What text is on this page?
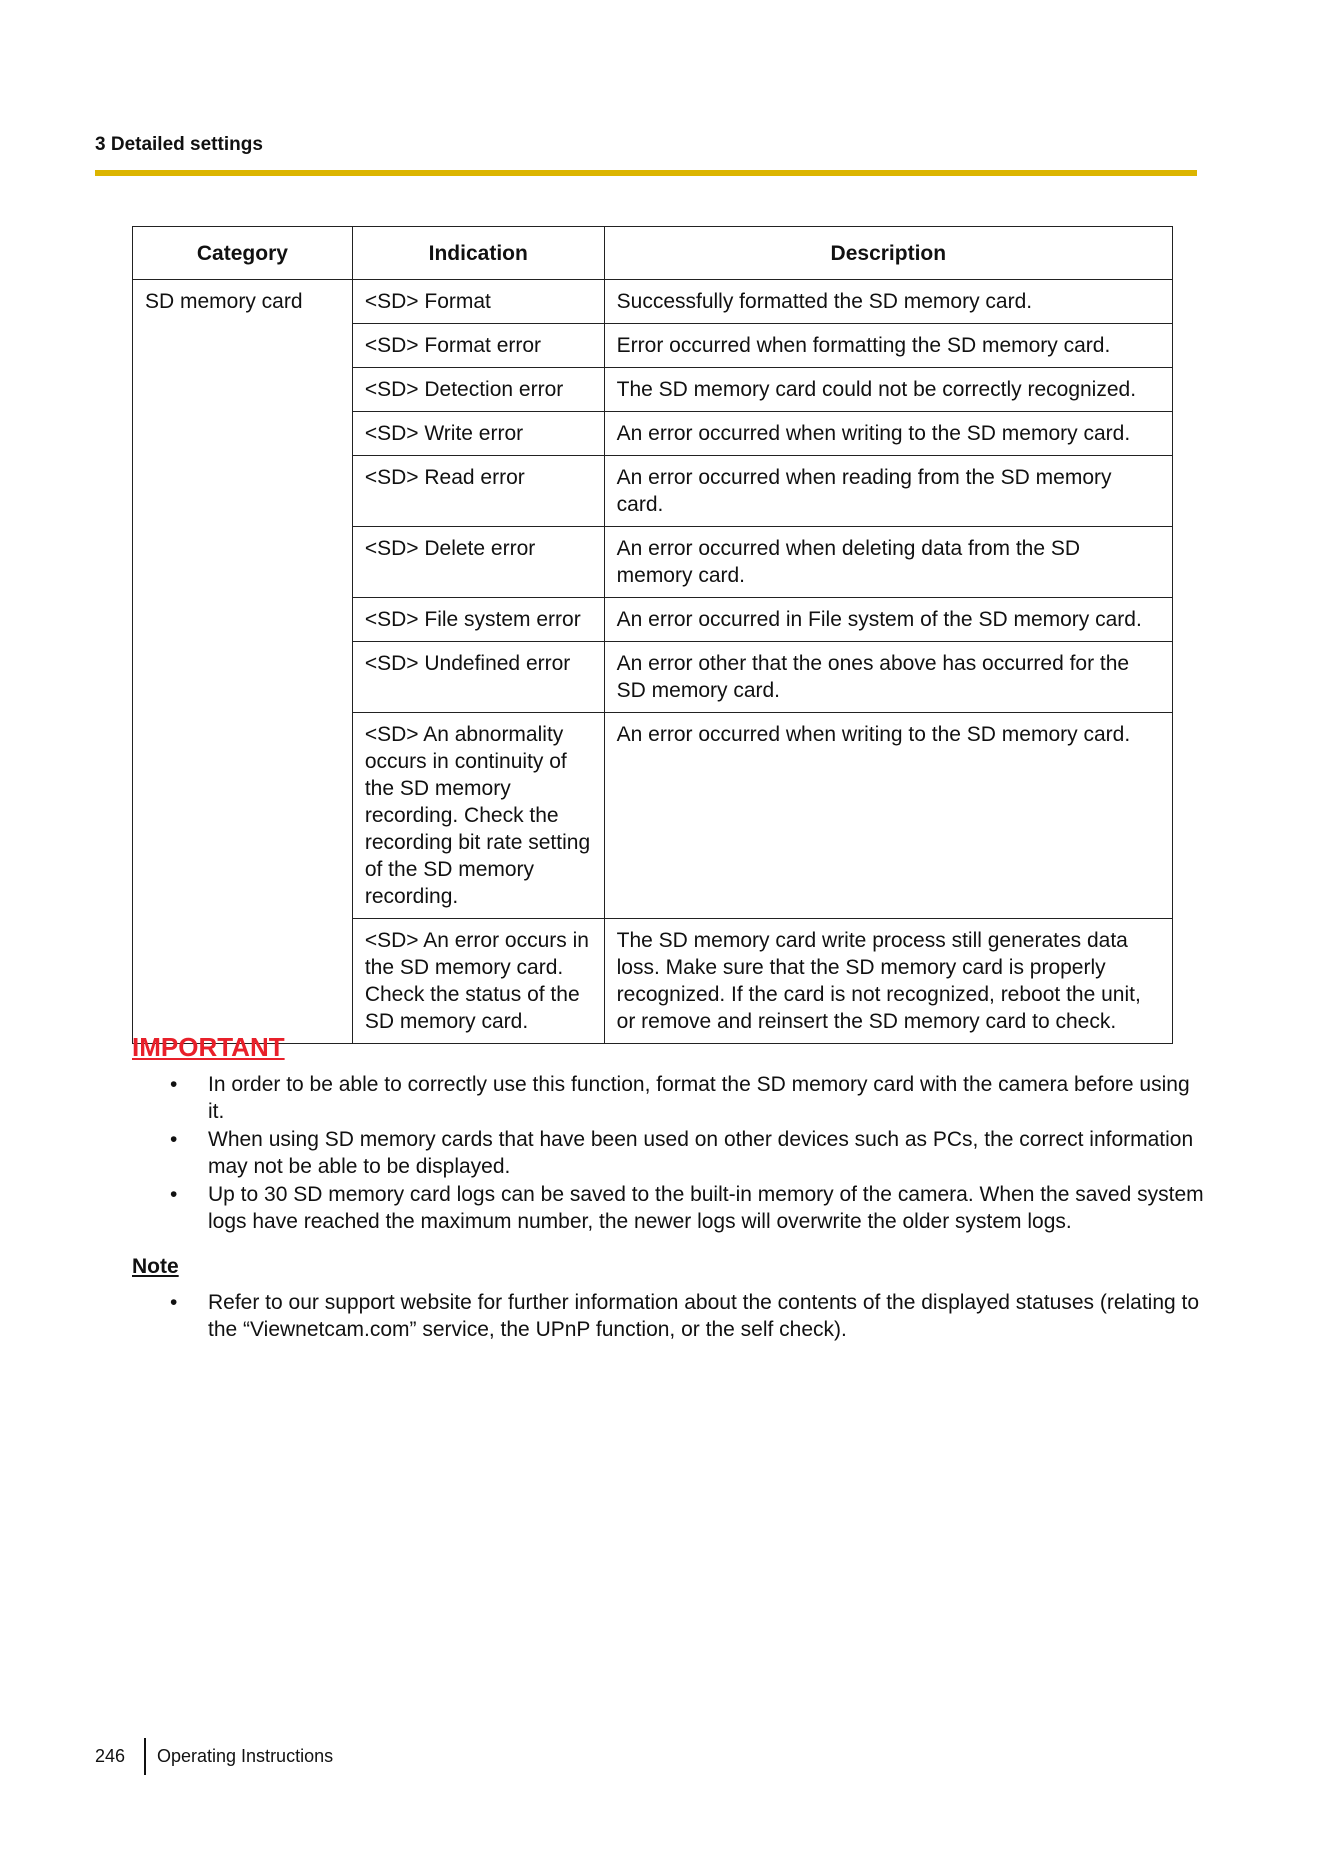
3 Detailed settings
Category	Indication	Description
SD memory card	<SD> Format	Successfully formatted the SD memory card.
	<SD> Format error	Error occurred when formatting the SD memory card.
	<SD> Detection error	The SD memory card could not be correctly recognized.
	<SD> Write error	An error occurred when writing to the SD memory card.
	<SD> Read error	An error occurred when reading from the SD memory card.
	<SD> Delete error	An error occurred when deleting data from the SD memory card.
	<SD> File system error	An error occurred in File system of the SD memory card.
	<SD> Undefined error	An error other that the ones above has occurred for the SD memory card.
	<SD> An abnormality occurs in continuity of the SD memory recording. Check the recording bit rate setting of the SD memory recording.	An error occurred when writing to the SD memory card.
	<SD> An error occurs in the SD memory card. Check the status of the SD memory card.	The SD memory card write process still generates data loss. Make sure that the SD memory card is properly recognized. If the card is not recognized, reboot the unit, or remove and reinsert the SD memory card to check.
IMPORTANT
• In order to be able to correctly use this function, format the SD memory card with the camera before using it.
• When using SD memory cards that have been used on other devices such as PCs, the correct information may not be able to be displayed.
• Up to 30 SD memory card logs can be saved to the built-in memory of the camera. When the saved system logs have reached the maximum number, the newer logs will overwrite the older system logs.
Note
• Refer to our support website for further information about the contents of the displayed statuses (relating to the “Viewnetcam.com” service, the UPnP function, or the self check).
246 Operating Instructions
